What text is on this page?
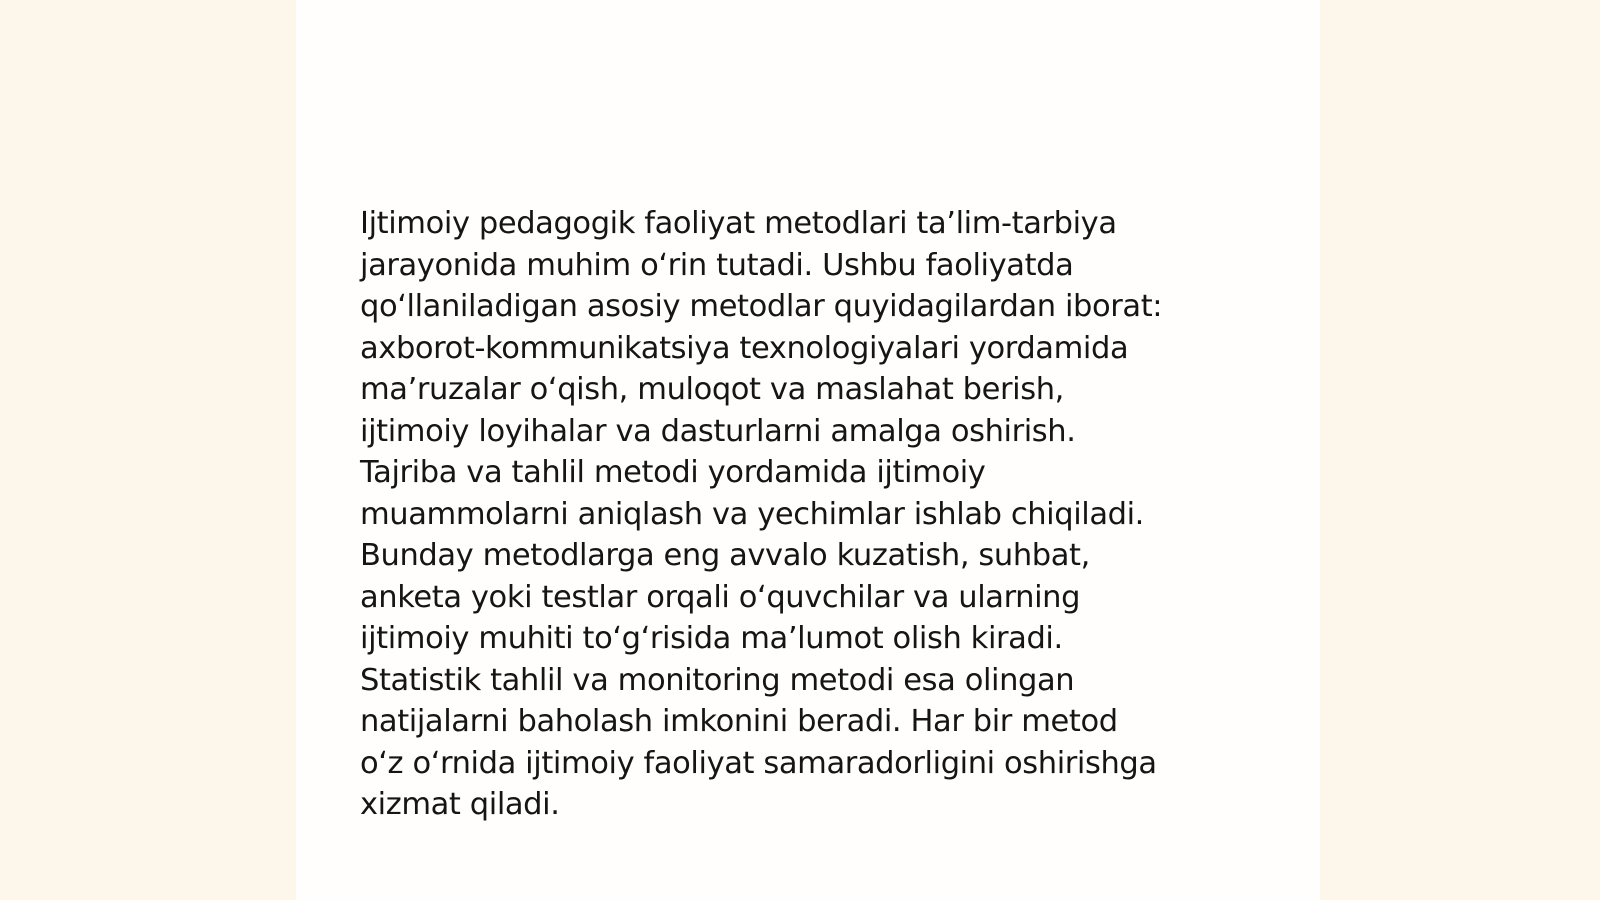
Ijtimoiy pedagogik faoliyat metodlari ta’lim-tarbiya
jarayonida muhim o‘rin tutadi. Ushbu faoliyatda
qo‘llaniladigan asosiy metodlar quyidagilardan iborat:
axborot-kommunikatsiya texnologiyalari yordamida
ma’ruzalar o‘qish, muloqot va maslahat berish,
ijtimoiy loyihalar va dasturlarni amalga oshirish.
Tajriba va tahlil metodi yordamida ijtimoiy
muammolarni aniqlash va yechimlar ishlab chiqiladi.
Bunday metodlarga eng avvalo kuzatish, suhbat,
anketa yoki testlar orqali o‘quvchilar va ularning
ijtimoiy muhiti to‘g‘risida ma’lumot olish kiradi.
Statistik tahlil va monitoring metodi esa olingan
natijalarni baholash imkonini beradi. Har bir metod
o‘z o‘rnida ijtimoiy faoliyat samaradorligini oshirishga
xizmat qiladi.
